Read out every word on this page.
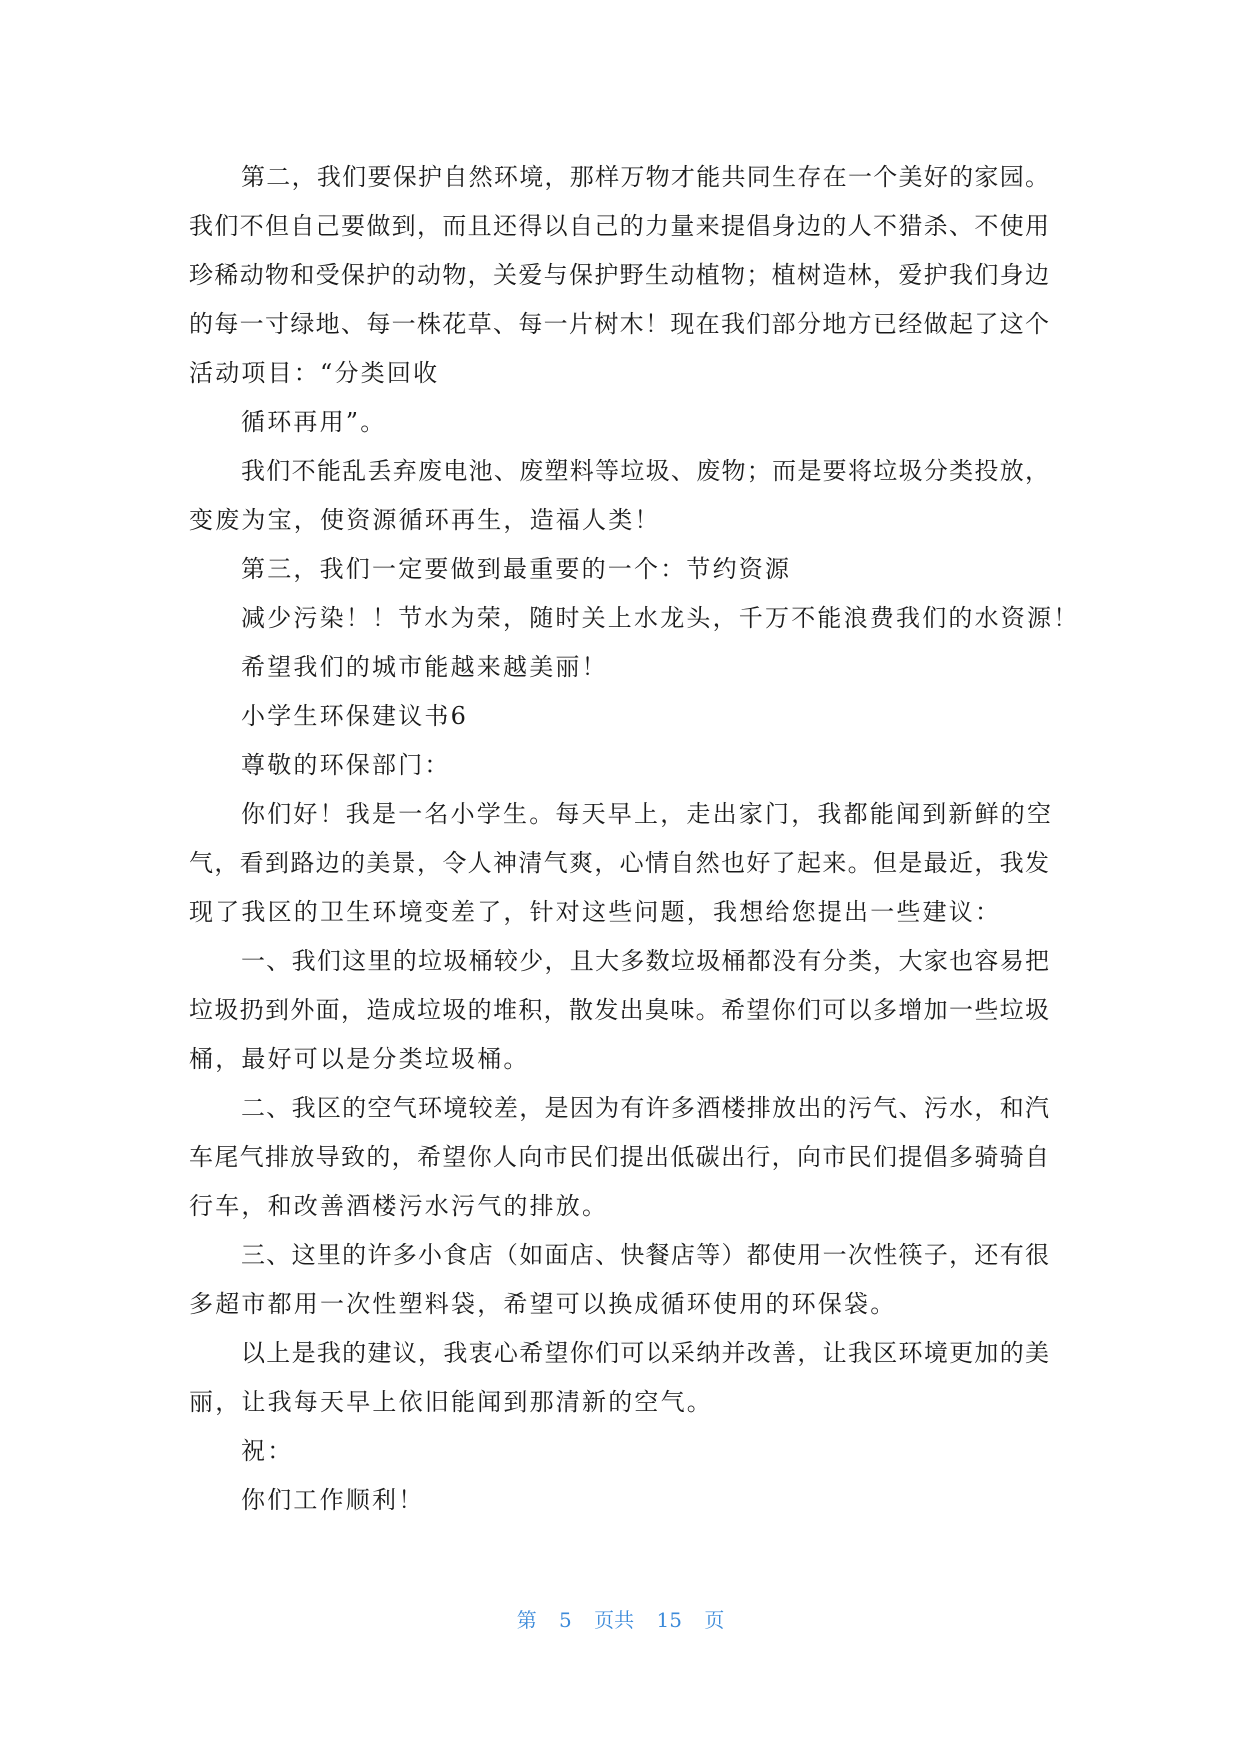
第二，我们要保护自然环境，那样万物才能共同生存在一个美好的家园。
我们不但自己要做到，而且还得以自己的力量来提倡身边的人不猎杀、不使用
珍稀动物和受保护的动物，关爱与保护野生动植物；植树造林，爱护我们身边
的每一寸绿地、每一株花草、每一片树木！现在我们部分地方已经做起了这个
活动项目：“分类回收
循环再用”。
我们不能乱丢弃废电池、废塑料等垃圾、废物；而是要将垃圾分类投放，
变废为宝，使资源循环再生，造福人类！
第三，我们一定要做到最重要的一个：节约资源
减少污染！！节水为荣，随时关上水龙头，千万不能浪费我们的水资源！
希望我们的城市能越来越美丽！
小学生环保建议书6
尊敬的环保部门：
你们好！我是一名小学生。每天早上，走出家门，我都能闻到新鲜的空
气，看到路边的美景，令人神清气爽，心情自然也好了起来。但是最近，我发
现了我区的卫生环境变差了，针对这些问题，我想给您提出一些建议：
一、我们这里的垃圾桶较少，且大多数垃圾桶都没有分类，大家也容易把
垃圾扔到外面，造成垃圾的堆积，散发出臭味。希望你们可以多增加一些垃圾
桶，最好可以是分类垃圾桶。
二、我区的空气环境较差，是因为有许多酒楼排放出的污气、污水，和汽
车尾气排放导致的，希望你人向市民们提出低碳出行，向市民们提倡多骑骑自
行车，和改善酒楼污水污气的排放。
三、这里的许多小食店（如面店、快餐店等）都使用一次性筷子，还有很
多超市都用一次性塑料袋，希望可以换成循环使用的环保袋。
以上是我的建议，我衷心希望你们可以采纳并改善，让我区环境更加的美
丽，让我每天早上依旧能闻到那清新的空气。
祝：
你们工作顺利！
第 5 页共 15 页
